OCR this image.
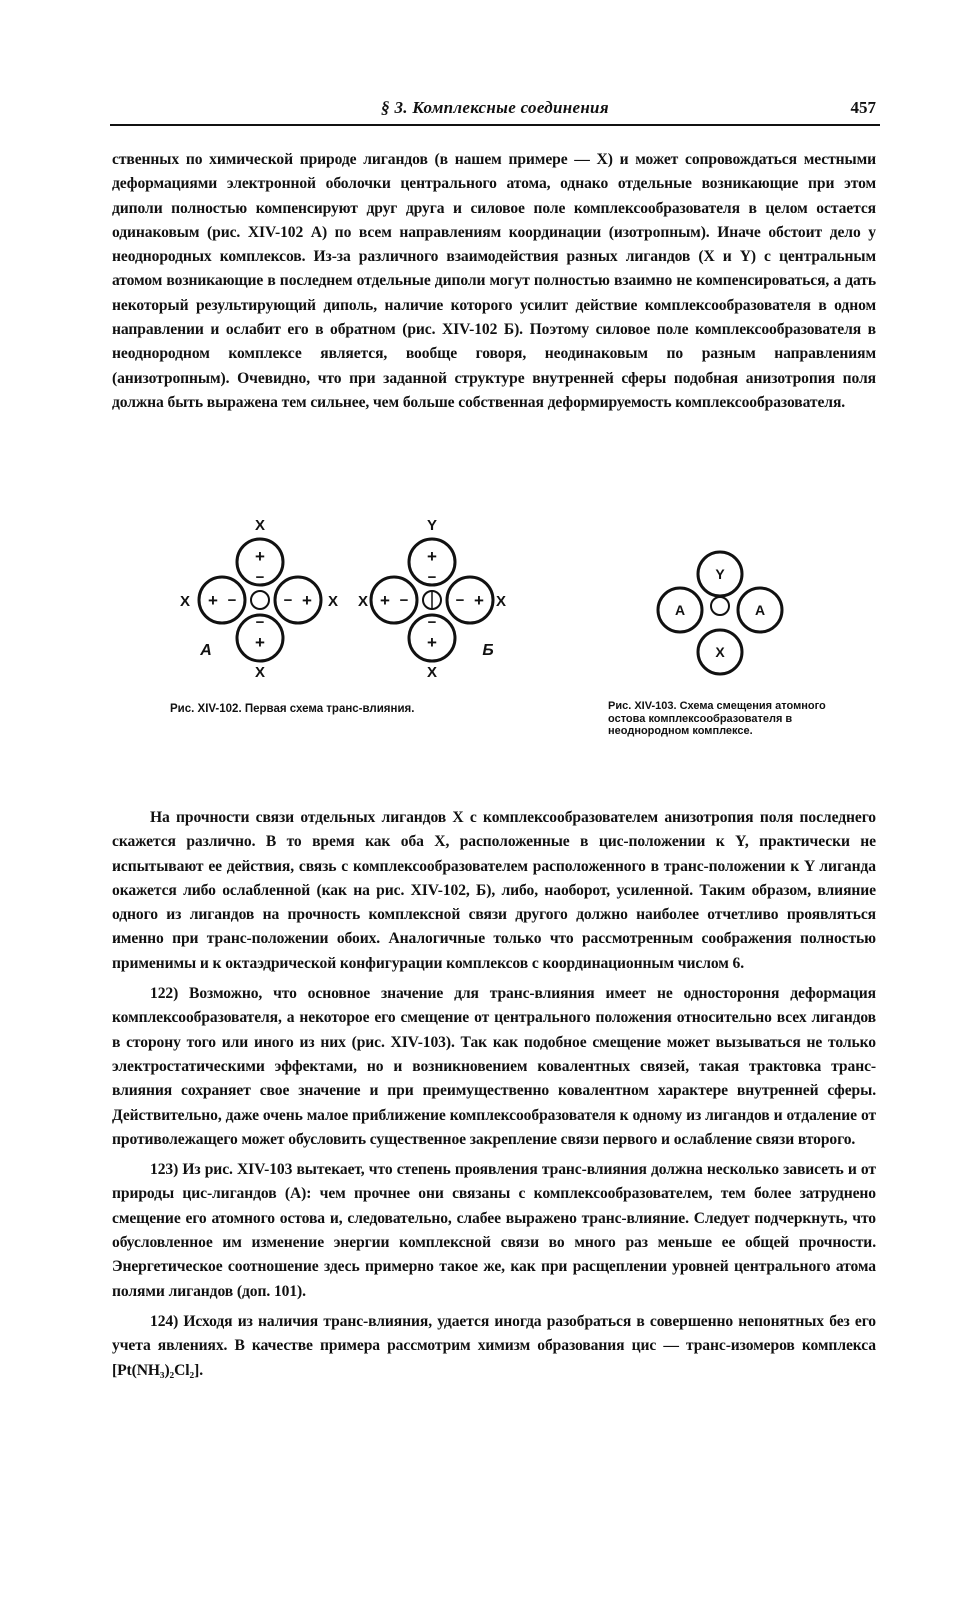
§ 3. Комплексные соединения	457

ственных по химической природе лигандов (в нашем примере — X) и может сопровождаться местными деформациями электронной оболочки центрального атома, однако отдельные возникающие при этом диполи полностью компенсируют друг друга и силовое поле комплексообразователя в целом остается одинаковым (рис. XIV-102 А) по всем направлениям координации (изотропным). Иначе обстоит дело у неоднородных комплексов. Из-за различного взаимодействия разных лигандов (X и Y) с центральным атомом возникающие в последнем отдельные диполи могут полностью взаимно не компенсироваться, а дать некоторый результирующий диполь, наличие которого усилит действие комплексообразователя в одном направлении и ослабит его в обратном (рис. XIV-102 Б). Поэтому силовое поле комплексообразователя в неоднородном комплексе является, вообще говоря, неодинаковым по разным направлениям (анизотропным). Очевидно, что при заданной структуре внутренней сферы подобная анизотропия поля должна быть выражена тем сильнее, чем больше собственная деформируемость комплексообразователя.

X
X
X	X
А
+
−
−
+
+ −	− +
Y
X
X	X
Б
+
−
−
+
+ −	− +
Рис. XIV-102. Первая схема транс-влияния.
Y
X
A	A
Рис. XIV-103. Схема смещения атомного остова комплексообразователя в неоднородном комплексе.

На прочности связи отдельных лигандов X с комплексообразователем анизотропия поля последнего скажется различно. В то время как оба X, расположенные в цис-положении к Y, практически не испытывают ее действия, связь с комплексообразователем расположенного в транс-положении к Y лиганда окажется либо ослабленной (как на рис. XIV-102, Б), либо, наоборот, усиленной. Таким образом, влияние одного из лигандов на прочность комплексной связи другого должно наиболее отчетливо проявляться именно при транс-положении обоих. Аналогичные только что рассмотренным соображения полностью применимы и к октаэдрической конфигурации комплексов с координационным числом 6.

122) Возможно, что основное значение для транс-влияния имеет не одностороння деформация комплексообразователя, а некоторое его смещение от центрального положения относительно всех лигандов в сторону того или иного из них (рис. XIV-103). Так как подобное смещение может вызываться не только электростатическими эффектами, но и возникновением ковалентных связей, такая трактовка транс-влияния сохраняет свое значение и при преимущественно ковалентном характере внутренней сферы. Действительно, даже очень малое приближение комплексообразователя к одному из лигандов и отдаление от противолежащего может обусловить существенное закрепление связи первого и ослабление связи второго.

123) Из рис. XIV-103 вытекает, что степень проявления транс-влияния должна несколько зависеть и от природы цис-лигандов (А): чем прочнее они связаны с комплексообразователем, тем более затруднено смещение его атомного остова и, следовательно, слабее выражено транс-влияние. Следует подчеркнуть, что обусловленное им изменение энергии комплексной связи во много раз меньше ее общей прочности. Энергетическое соотношение здесь примерно такое же, как при расщеплении уровней центрального атома полями лигандов (доп. 101).

124) Исходя из наличия транс-влияния, удается иногда разобраться в совершенно непонятных без его учета явлениях. В качестве примера рассмотрим химизм образования цис — транс-изомеров комплекса [Pt(NH₃)₂Cl₂].
